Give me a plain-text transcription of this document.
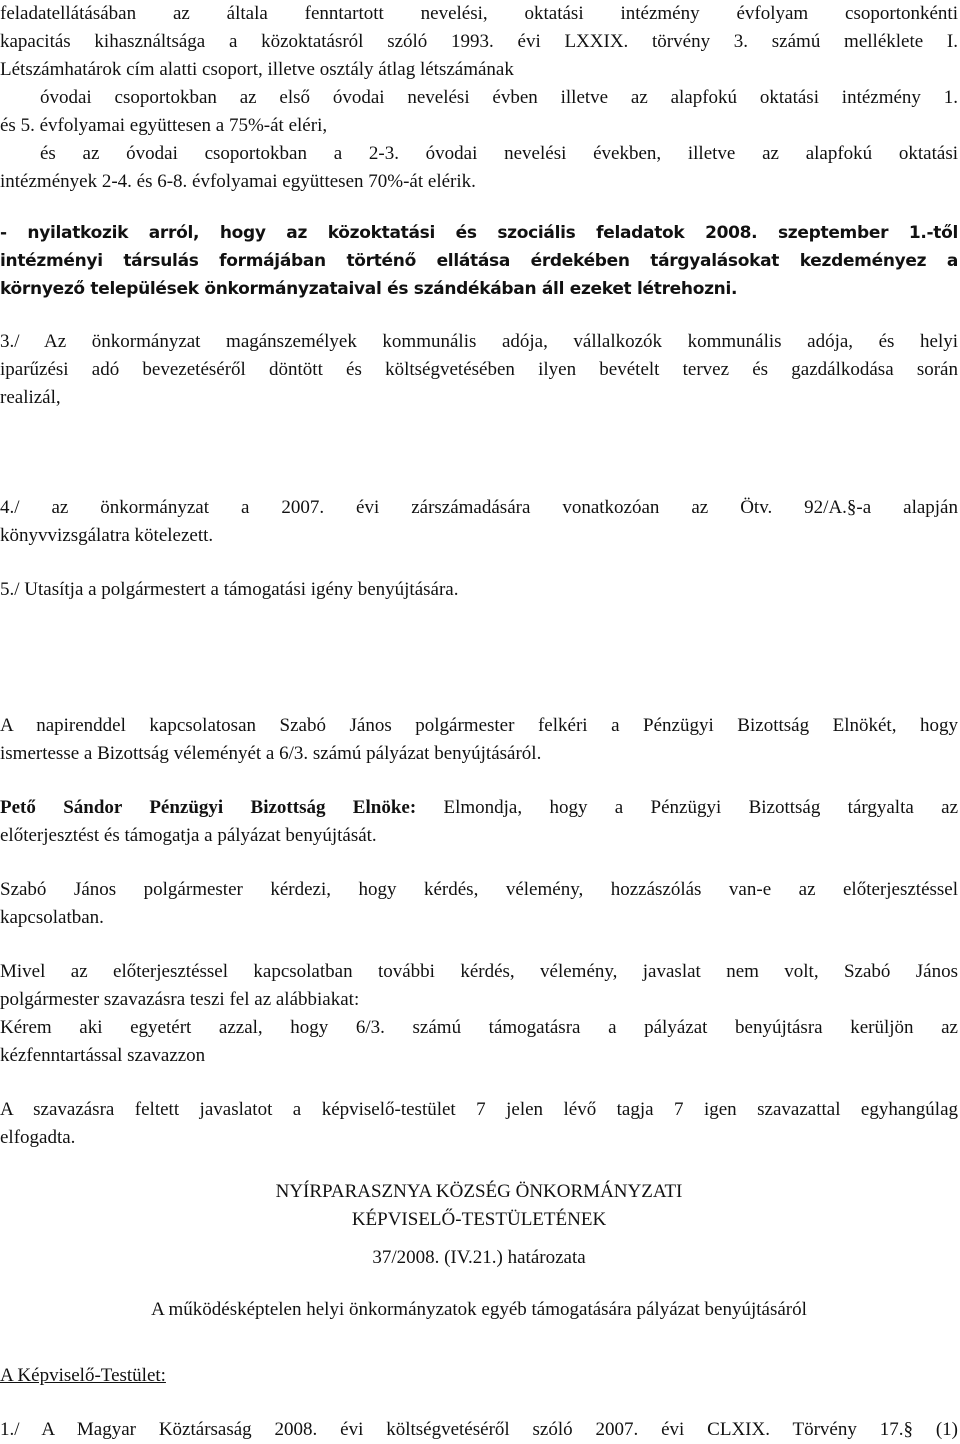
feladatellátásában az általa fenntartott nevelési, oktatási intézmény évfolyam csoportonkénti
kapacitás kihasználtsága a közoktatásról szóló 1993. évi LXXIX. törvény 3. számú melléklete I.
Létszámhatárok cím alatti csoport, illetve osztály átlag létszámának
óvodai csoportokban az első óvodai nevelési évben illetve az alapfokú oktatási intézmény 1.
és 5. évfolyamai együttesen a 75%-át eléri,
és az óvodai csoportokban a 2-3. óvodai nevelési években, illetve az alapfokú oktatási
intézmények 2-4. és 6-8. évfolyamai együttesen 70%-át elérik.
- nyilatkozik arról, hogy az közoktatási és szociális feladatok 2008. szeptember 1.-től
intézményi társulás formájában történő ellátása érdekében tárgyalásokat kezdeményez a
környező települések önkormányzataival és szándékában áll ezeket létrehozni.
3./ Az önkormányzat magánszemélyek kommunális adója, vállalkozók kommunális adója, és helyi
iparűzési adó bevezetéséről döntött és költségvetésében ilyen bevételt tervez és gazdálkodása során
realizál,
4./ az önkormányzat a 2007. évi zárszámadására vonatkozóan az Ötv. 92/A.§-a alapján
könyvvizsgálatra kötelezett.
5./ Utasítja a polgármestert a támogatási igény benyújtására.
A napirenddel kapcsolatosan Szabó János polgármester felkéri a Pénzügyi Bizottság Elnökét, hogy
ismertesse a Bizottság véleményét a 6/3. számú pályázat benyújtásáról.
Pető Sándor Pénzügyi Bizottság Elnöke: Elmondja, hogy a Pénzügyi Bizottság tárgyalta az
előterjesztést és támogatja a pályázat benyújtását.
Szabó János polgármester kérdezi, hogy kérdés, vélemény, hozzászólás van-e az előterjesztéssel
kapcsolatban.
Mivel az előterjesztéssel kapcsolatban további kérdés, vélemény, javaslat nem volt, Szabó János
polgármester szavazásra teszi fel az alábbiakat:
Kérem aki egyetért azzal, hogy 6/3. számú támogatásra a pályázat benyújtásra kerüljön az
kézfenntartással szavazzon
A szavazásra feltett javaslatot a képviselő-testület 7 jelen lévő tagja 7 igen szavazattal egyhangúlag
elfogadta.
NYÍRPARASZNYA KÖZSÉG ÖNKORMÁNYZATI
KÉPVISELŐ-TESTÜLETÉNEK
37/2008. (IV.21.) határozata
A működésképtelen helyi önkormányzatok egyéb támogatására pályázat benyújtásáról
A Képviselő-Testület:
1./ A Magyar Köztársaság 2008. évi költségvetéséről szóló 2007. évi CLXIX. Törvény 17.§ (1)
